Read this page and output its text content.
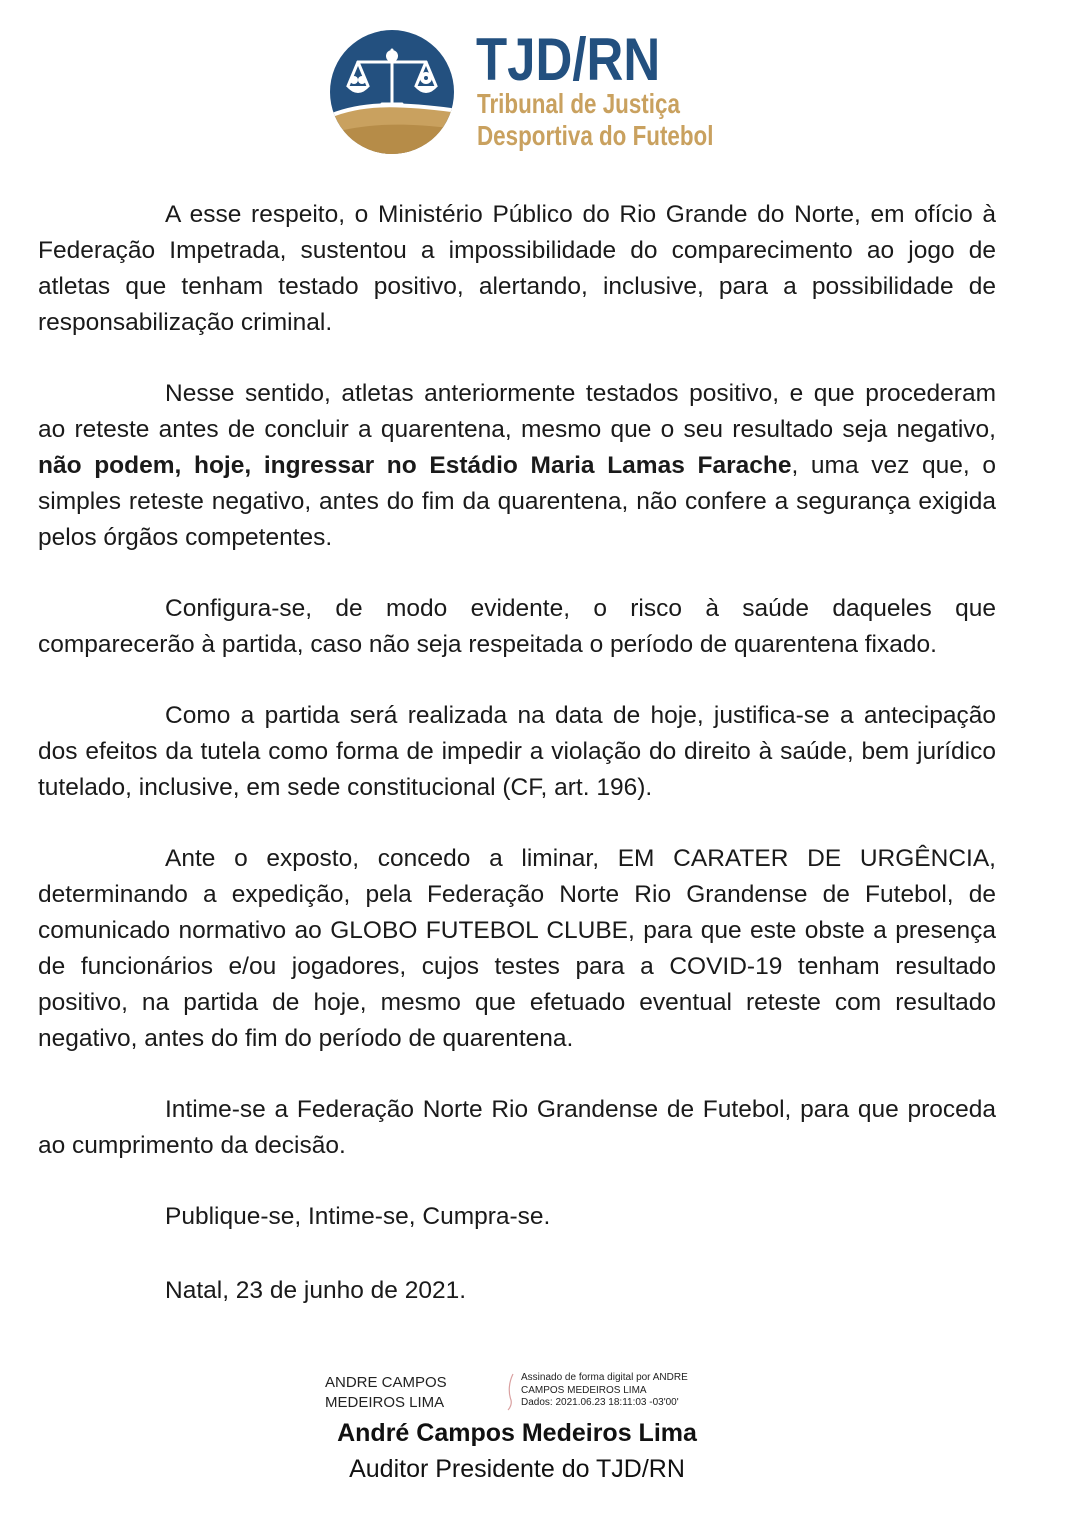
TJD/RN
Tribunal de Justiça
Desportiva do Futebol

A esse respeito, o Ministério Público do Rio Grande do Norte, em ofício à Federação Impetrada, sustentou a impossibilidade do comparecimento ao jogo de atletas que tenham testado positivo, alertando, inclusive, para a possibilidade de responsabilização criminal.

Nesse sentido, atletas anteriormente testados positivo, e que procederam ao reteste antes de concluir a quarentena, mesmo que o seu resultado seja negativo, não podem, hoje, ingressar no Estádio Maria Lamas Farache, uma vez que, o simples reteste negativo, antes do fim da quarentena, não confere a segurança exigida pelos órgãos competentes.

Configura-se, de modo evidente, o risco à saúde daqueles que comparecerão à partida, caso não seja respeitada o período de quarentena fixado.

Como a partida será realizada na data de hoje, justifica-se a antecipação dos efeitos da tutela como forma de impedir a violação do direito à saúde, bem jurídico tutelado, inclusive, em sede constitucional (CF, art. 196).

Ante o exposto, concedo a liminar, EM CARATER DE URGÊNCIA, determinando a expedição, pela Federação Norte Rio Grandense de Futebol, de comunicado normativo ao GLOBO FUTEBOL CLUBE, para que este obste a presença de funcionários e/ou jogadores, cujos testes para a COVID-19 tenham resultado positivo, na partida de hoje, mesmo que efetuado eventual reteste com resultado negativo, antes do fim do período de quarentena.

Intime-se a Federação Norte Rio Grandense de Futebol, para que proceda ao cumprimento da decisão.

Publique-se, Intime-se, Cumpra-se.

Natal, 23 de junho de 2021.

ANDRE CAMPOS
MEDEIROS LIMA
Assinado de forma digital por ANDRE
CAMPOS MEDEIROS LIMA
Dados: 2021.06.23 18:11:03 -03'00'
André Campos Medeiros Lima
Auditor Presidente do TJD/RN
